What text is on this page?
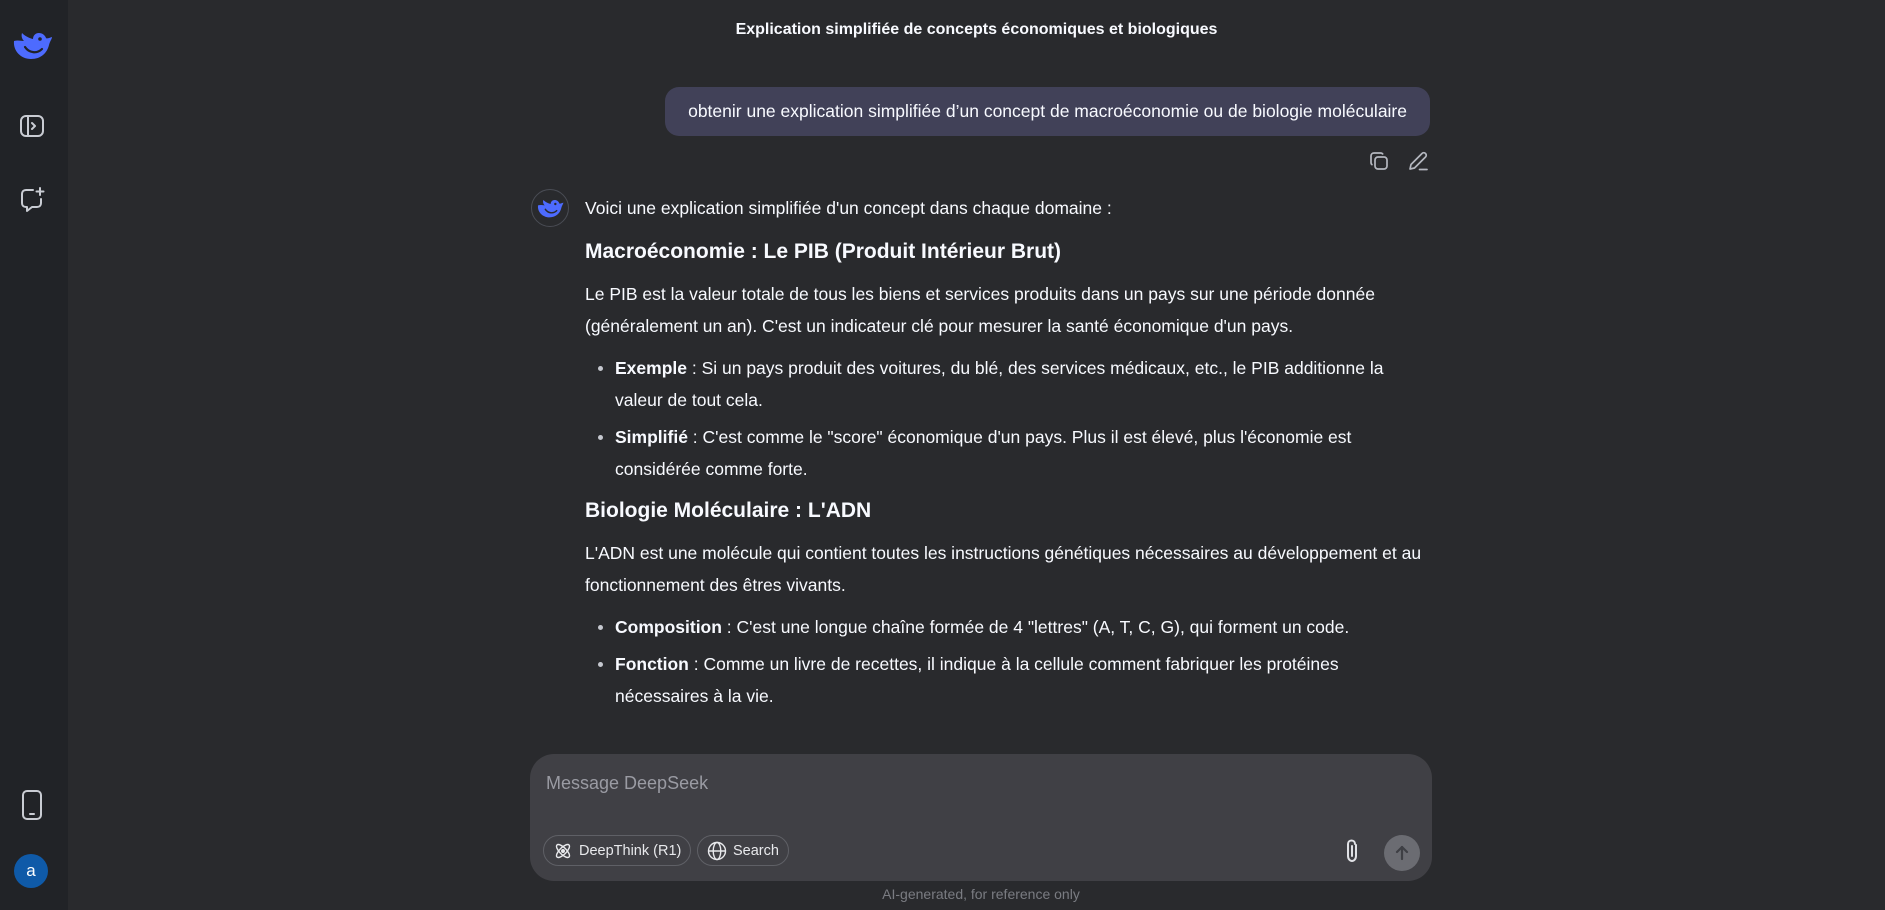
a
Explication simplifiée de concepts économiques et biologiques
obtenir une explication simplifiée d’un concept de macroéconomie ou de biologie moléculaire

Voici une explication simplifiée d'un concept dans chaque domaine :

Macroéconomie : Le PIB (Produit Intérieur Brut)

Le PIB est la valeur totale de tous les biens et services produits dans un pays sur une période donnée (généralement un an). C'est un indicateur clé pour mesurer la santé économique d'un pays.

Exemple : Si un pays produit des voitures, du blé, des services médicaux, etc., le PIB additionne la valeur de tout cela.
Simplifié : C'est comme le "score" économique d'un pays. Plus il est élevé, plus l'économie est considérée comme forte.
Biologie Moléculaire : L'ADN

L'ADN est une molécule qui contient toutes les instructions génétiques nécessaires au développement et au fonctionnement des êtres vivants.

Composition : C'est une longue chaîne formée de 4 "lettres" (A, T, C, G), qui forment un code.
Fonction : Comme un livre de recettes, il indique à la cellule comment fabriquer les protéines nécessaires à la vie.
Message DeepSeek
DeepThink (R1)	Search
AI-generated, for reference only
